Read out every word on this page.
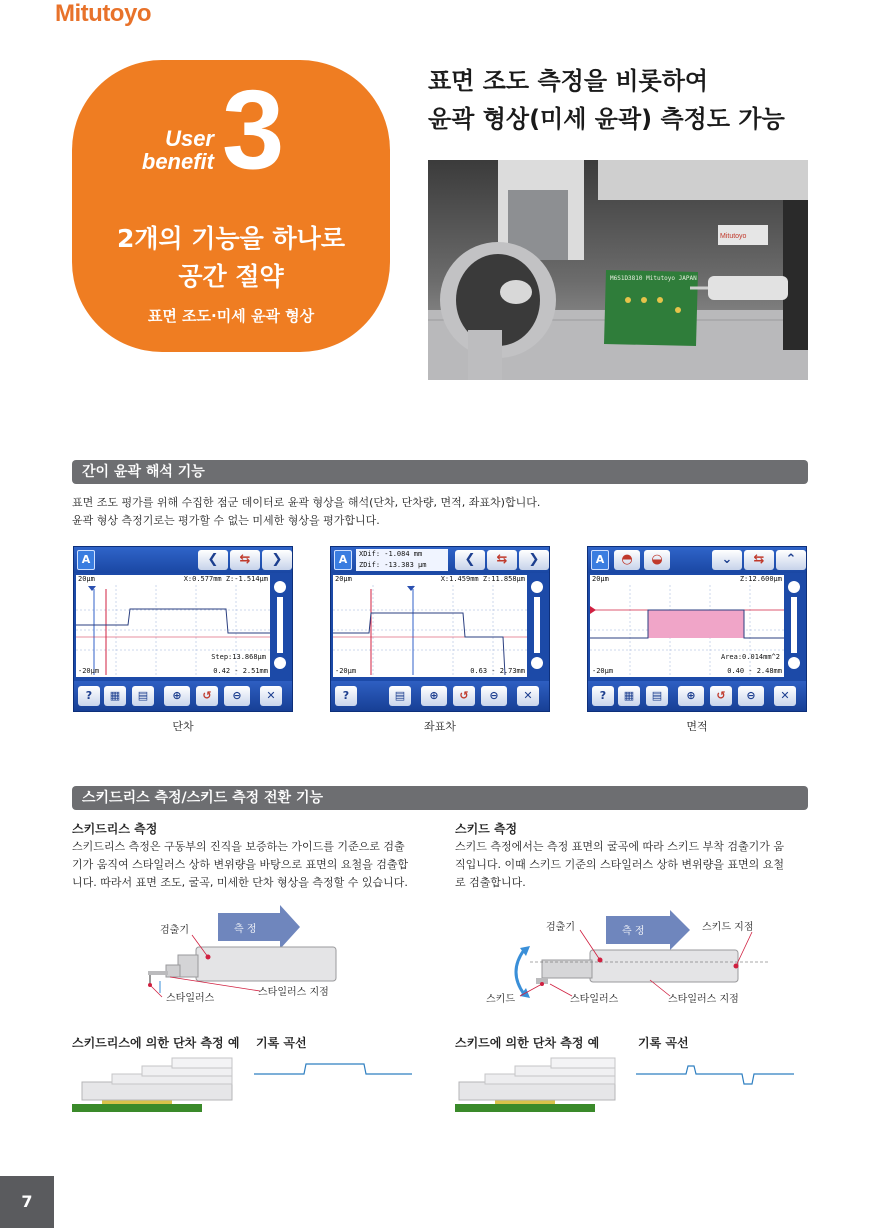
Mitutoyo
User
benefit 3
2개의 기능을 하나로
공간 절약
표면 조도·미세 윤곽 형상
표면 조도 측정을 비롯하여
윤곽 형상(미세 윤곽) 측정도 가능
M6S1D3810 Mitutoyo JAPAN
Mitutoyo
간이 윤곽 해석 기능
표면 조도 평가를 위해 수집한 점군 데이터로 윤곽 형상을 해석(단차, 단차량, 면적, 좌표차)합니다.
윤곽 형상 측정기로는 평가할 수 없는 미세한 형상을 평가합니다.
A	❮	⇆	❯
20μm	X:0.577mm Z:-1.514μm
Step:13.868μm
-20μm	0.42 - 2.51mm
?	▦	▤	⊕	↺	⊖	✕
단차
A	XDif: -1.084 mm
ZDif: -13.383 μm	❮	⇆	❯
20μm	X:1.459mm Z:11.858μm
-20μm	0.63 - 2.73mm
?	▤	⊕	↺	⊖	✕
좌표차
A	◓	◒	⌄	⇆	⌃
20μm	Z:12.600μm
Area:0.014mm^2
-20μm	0.40 - 2.48mm
?	▦	▤	⊕	↺	⊖	✕
면적
스키드리스 측정/스키드 측정 전환 기능
스키드리스 측정
스키드리스 측정은 구동부의 진직을 보증하는 가이드를 기준으로 검출
기가 움직여 스타일러스 상하 변위량을 바탕으로 표면의 요철을 검출합
니다. 따라서 표면 조도, 굴곡, 미세한 단차 형상을 측정할 수 있습니다.
측 정
검출기
스타일러스
스타일러스 지점
스키드 측정
스키드 측정에서는 측정 표면의 굴곡에 따라 스키드 부착 검출기가 움
직입니다. 이때 스키드 기준의 스타일러스 상하 변위량을 표면의 요철
로 검출합니다.
측 정
검출기	스키드 지점
스키드	스타일러스	스타일러스 지점
스키드리스에 의한 단차 측정 예 기록 곡선	스키드에 의한 단차 측정 예	기록 곡선
7
